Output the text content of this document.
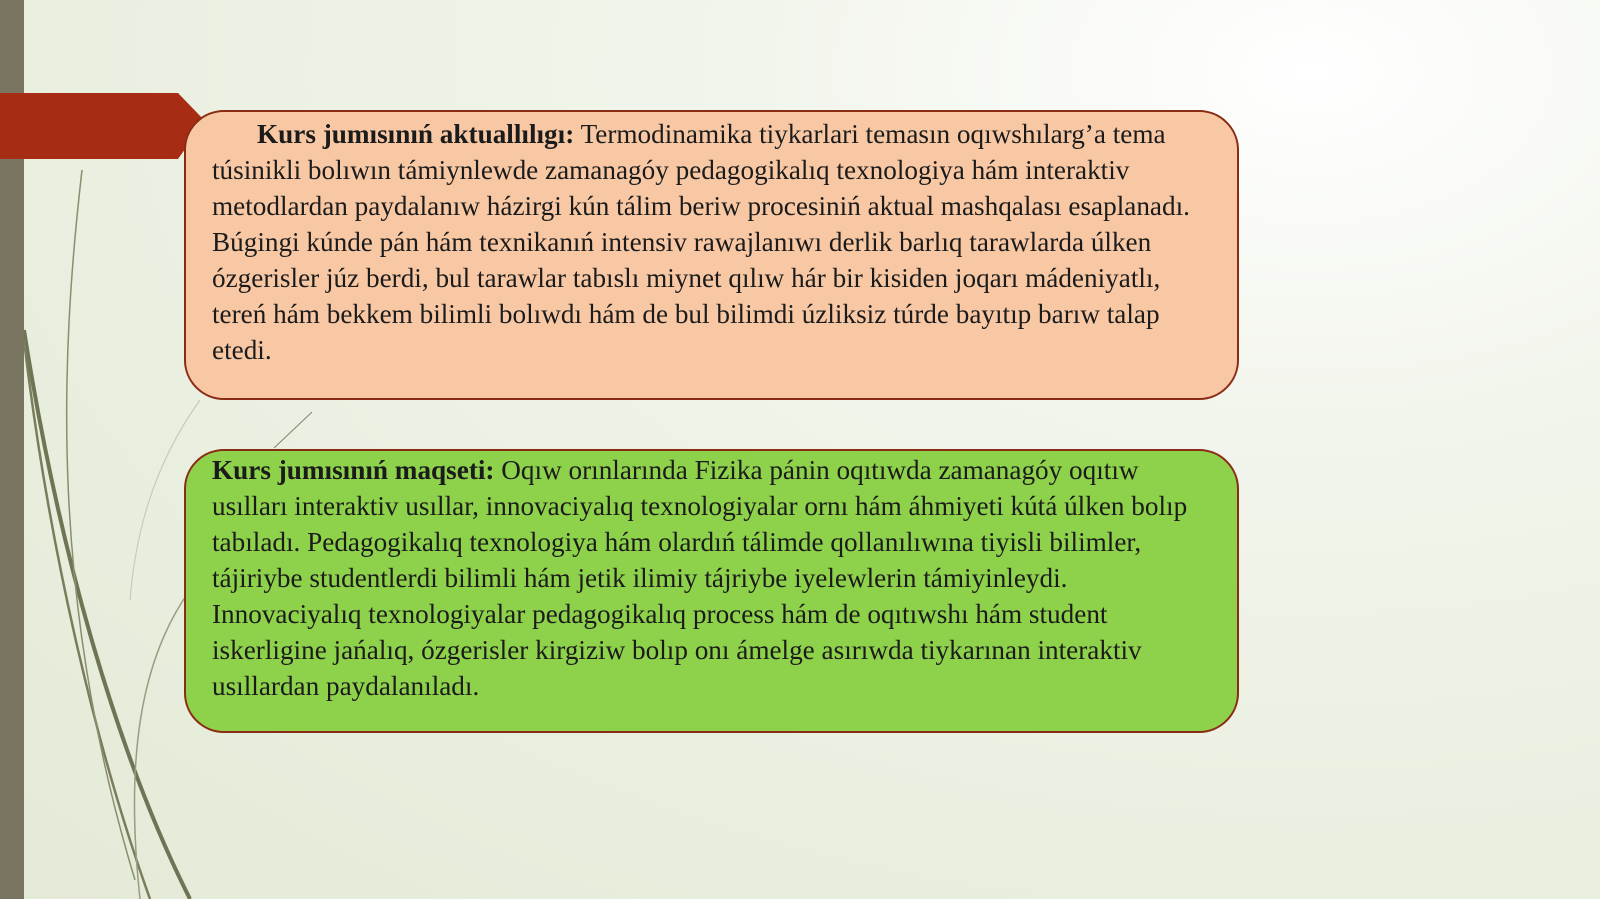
Kurs jumısınıń aktuallılıgı: Termodinamika tiykarlari temasın oqıwshılarg’a tema túsinikli bolıwın támiynlewde zamanagóy pedagogikalıq texnologiya hám interaktiv metodlardan paydalanıw házirgi kún tálim beriw procesiniń aktual mashqalası esaplanadı. Búgingi kúnde pán hám texnikanıń intensiv rawajlanıwı derlik barlıq tarawlarda úlken ózgerisler júz berdi, bul tarawlar tabıslı miynet qılıw hár bir kisiden joqarı mádeniyatlı, tereń hám bekkem bilimli bolıwdı hám de bul bilimdi úzliksiz túrde bayıtıp barıw talap etedi.
Kurs jumısınıń maqseti: Oqıw orınlarında Fizika pánin oqıtıwda zamanagóy oqıtıw usılları interaktiv usıllar, innovaciyalıq texnologiyalar ornı hám áhmiyeti kútá úlken bolıp tabıladı. Pedagogikalıq texnologiya hám olardıń tálimde qollanılıwına tiyisli bilimler, tájiriybe studentlerdi bilimli hám jetik ilimiy tájriybe iyelewlerin támiyinleydi. Innovaciyalıq texnologiyalar pedagogikalıq process hám de oqıtıwshı hám student iskerligine jańalıq, ózgerisler kirgiziw bolıp onı ámelge asırıwda tiykarınan interaktiv usıllardan paydalanıladı.
